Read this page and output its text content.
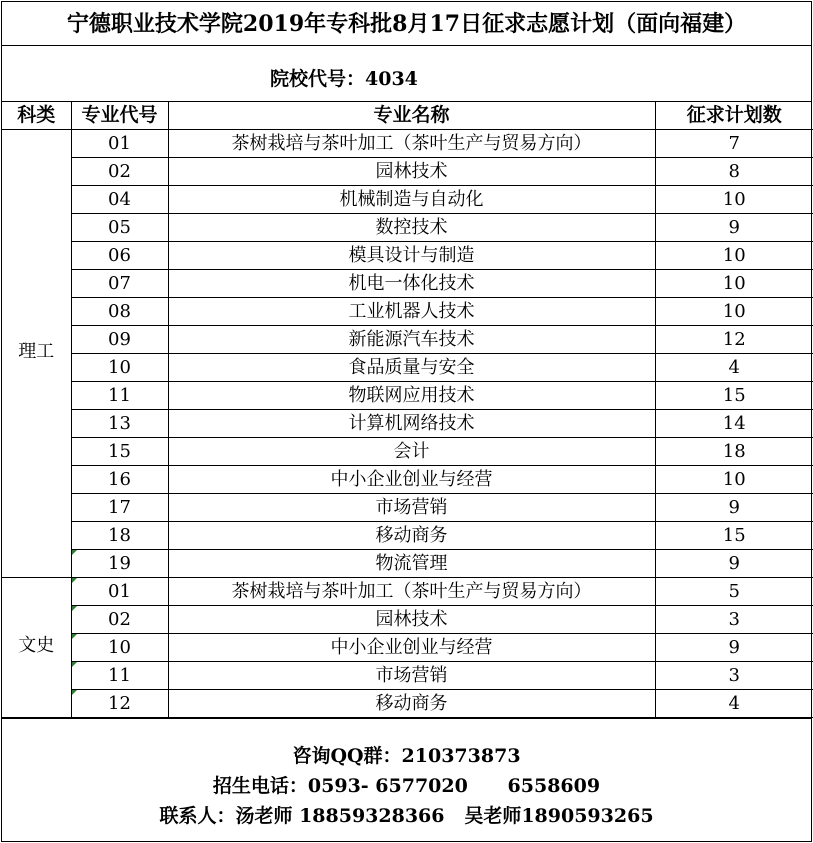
宁德职业技术学院2019年专科批8月17日征求志愿计划（面向福建）
院校代号：4034
科类	专业代号	专业名称	征求计划数
理工	01	茶树栽培与茶叶加工（茶叶生产与贸易方向）	7
	02	园林技术	8
	04	机械制造与自动化	10
	05	数控技术	9
	06	模具设计与制造	10
	07	机电一体化技术	10
	08	工业机器人技术	10
	09	新能源汽车技术	12
	10	食品质量与安全	4
	11	物联网应用技术	15
	13	计算机网络技术	14
	15	会计	18
	16	中小企业创业与经营	10
	17	市场营销	9
	18	移动商务	15
	19	物流管理	9
文史	01	茶树栽培与茶叶加工（茶叶生产与贸易方向）	5
	02	园林技术	3
	10	中小企业创业与经营	9
	11	市场营销	3
	12	移动商务	4
咨询QQ群：210373873
招生电话：0593- 6577020      6558609
联系人：汤老师 18859328366   吴老师1890593265
